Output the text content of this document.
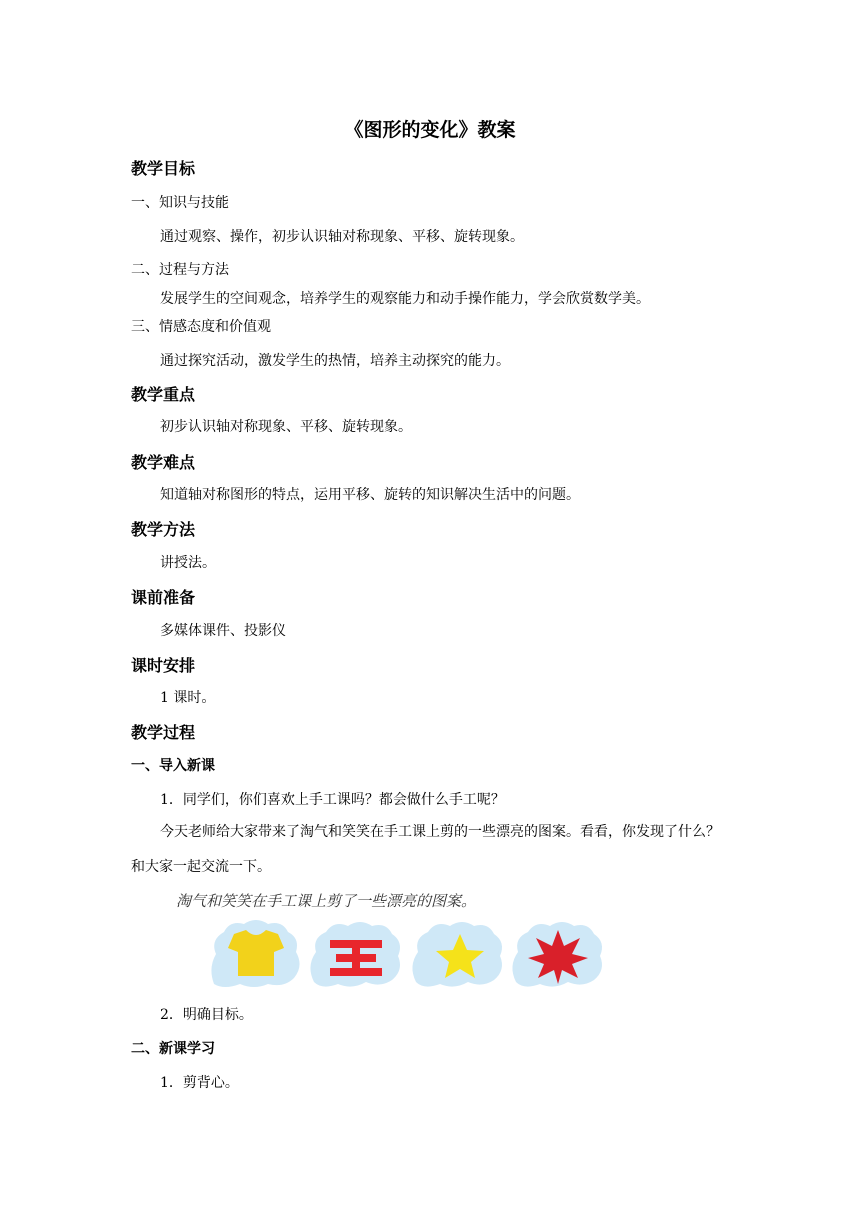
《图形的变化》教案
教学目标
一、知识与技能
通过观察、操作，初步认识轴对称现象、平移、旋转现象。
二、过程与方法
发展学生的空间观念，培养学生的观察能力和动手操作能力，学会欣赏数学美。
三、情感态度和价值观
通过探究活动，激发学生的热情，培养主动探究的能力。
教学重点
初步认识轴对称现象、平移、旋转现象。
教学难点
知道轴对称图形的特点，运用平移、旋转的知识解决生活中的问题。
教学方法
讲授法。
课前准备
多媒体课件、投影仪
课时安排
1 课时。
教学过程
一、导入新课
1．同学们，你们喜欢上手工课吗？都会做什么手工呢？
今天老师给大家带来了淘气和笑笑在手工课上剪的一些漂亮的图案。看看，你发现了什么？和大家一起交流一下。
淘气和笑笑在手工课上剪了一些漂亮的图案。
2．明确目标。
二、新课学习
1．剪背心。
